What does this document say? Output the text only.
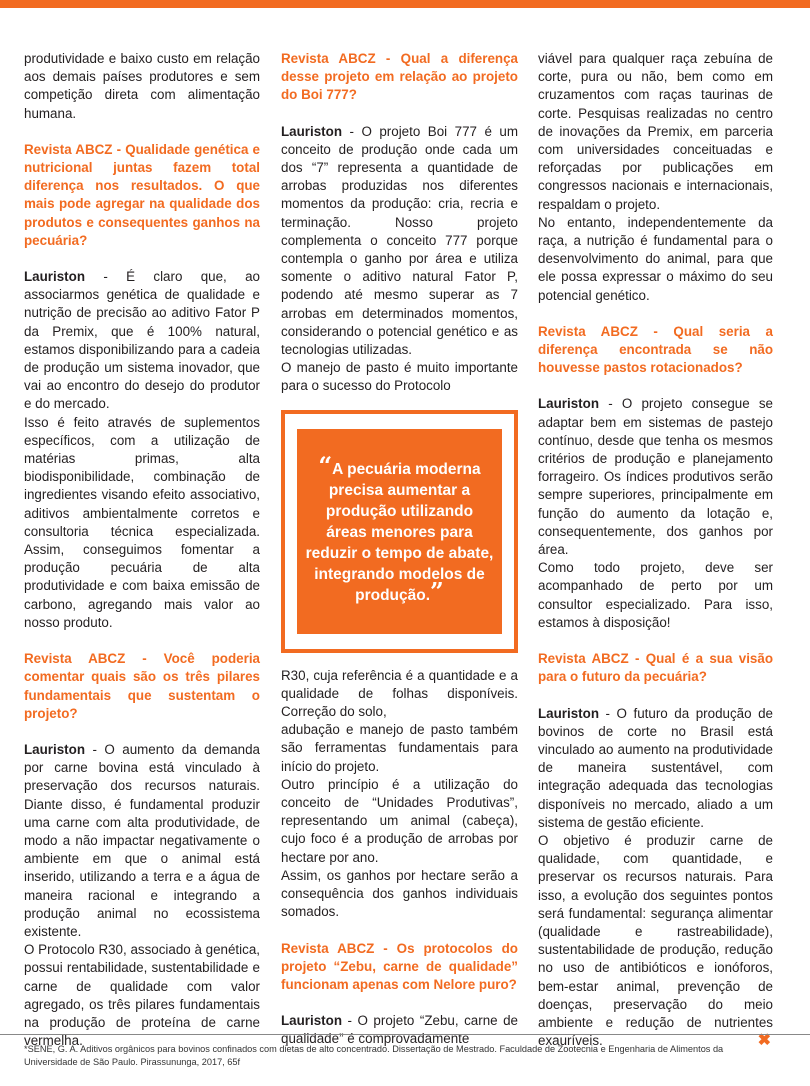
produtividade e baixo custo em relação aos demais países produtores e sem competição direta com alimentação humana.

Revista ABCZ - Qualidade genética e nutricional juntas fazem total diferença nos resultados. O que mais pode agregar na qualidade dos produtos e consequentes ganhos na pecuária?

Lauriston - É claro que, ao associarmos genética de qualidade e nutrição de precisão ao aditivo Fator P da Premix, que é 100% natural, estamos disponibilizando para a cadeia de produção um sistema inovador, que vai ao encontro do desejo do produtor e do mercado.

Isso é feito através de suplementos específicos, com a utilização de matérias primas, alta biodisponibilidade, combinação de ingredientes visando efeito associativo, aditivos ambientalmente corretos e consultoria técnica especializada. Assim, conseguimos fomentar a produção pecuária de alta produtividade e com baixa emissão de carbono, agregando mais valor ao nosso produto.

Revista ABCZ - Você poderia comentar quais são os três pilares fundamentais que sustentam o projeto?

Lauriston - O aumento da demanda por carne bovina está vinculado à preservação dos recursos naturais. Diante disso, é fundamental produzir uma carne com alta produtividade, de modo a não impactar negativamente o ambiente em que o animal está inserido, utilizando a terra e a água de maneira racional e integrando a produção animal no ecossistema existente.

O Protocolo R30, associado à genética, possui rentabilidade, sustentabilidade e carne de qualidade com valor agregado, os três pilares fundamentais na produção de proteína de carne vermelha.

Revista ABCZ - Qual a diferença desse projeto em relação ao projeto do Boi 777?

Lauriston - O projeto Boi 777 é um conceito de produção onde cada um dos “7” representa a quantidade de arrobas produzidas nos diferentes momentos da produção: cria, recria e terminação. Nosso projeto complementa o conceito 777 porque contempla o ganho por área e utiliza somente o aditivo natural Fator P, podendo até mesmo superar as 7 arrobas em determinados momentos, considerando o potencial genético e as tecnologias utilizadas.

O manejo de pasto é muito importante para o sucesso do Protocolo

“A pecuária moderna precisa aumentar a produção utilizando áreas menores para reduzir o tempo de abate, integrando modelos de produção.”

R30, cuja referência é a quantidade e a qualidade de folhas disponíveis. Correção do solo,

adubação e manejo de pasto também são ferramentas fundamentais para início do projeto.

Outro princípio é a utilização do conceito de “Unidades Produtivas”, representando um animal (cabeça), cujo foco é a produção de arrobas por hectare por ano.

Assim, os ganhos por hectare serão a consequência dos ganhos individuais somados.

Revista ABCZ - Os protocolos do projeto “Zebu, carne de qualidade” funcionam apenas com Nelore puro?

Lauriston - O projeto “Zebu, carne de qualidade” é comprovadamente

viável para qualquer raça zebuína de corte, pura ou não, bem como em cruzamentos com raças taurinas de corte. Pesquisas realizadas no centro de inovações da Premix, em parceria com universidades conceituadas e reforçadas por publicações em congressos nacionais e internacionais, respaldam o projeto.

No entanto, independentemente da raça, a nutrição é fundamental para o desenvolvimento do animal, para que ele possa expressar o máximo do seu potencial genético.

Revista ABCZ - Qual seria a diferença encontrada se não houvesse pastos rotacionados?

Lauriston - O projeto consegue se adaptar bem em sistemas de pastejo contínuo, desde que tenha os mesmos critérios de produção e planejamento forrageiro. Os índices produtivos serão sempre superiores, principalmente em função do aumento da lotação e, consequentemente, dos ganhos por área.

Como todo projeto, deve ser acompanhado de perto por um consultor especializado. Para isso, estamos à disposição!

Revista ABCZ - Qual é a sua visão para o futuro da pecuária?

Lauriston - O futuro da produção de bovinos de corte no Brasil está vinculado ao aumento na produtividade de maneira sustentável, com integração adequada das tecnologias disponíveis no mercado, aliado a um sistema de gestão eficiente.

O objetivo é produzir carne de qualidade, com quantidade, e preservar os recursos naturais. Para isso, a evolução dos seguintes pontos será fundamental: segurança alimentar (qualidade e rastreabilidade), sustentabilidade de produção, redução no uso de antibióticos e ionóforos, bem-estar animal, prevenção de doenças, preservação do meio ambiente e redução de nutrientes exauríveis.	✖

*SENE, G. A. Aditivos orgânicos para bovinos confinados com dietas de alto concentrado. Dissertação de Mestrado. Faculdade de Zootecnia e Engenharia de Alimentos da Universidade de São Paulo. Pirassununga, 2017, 65f
